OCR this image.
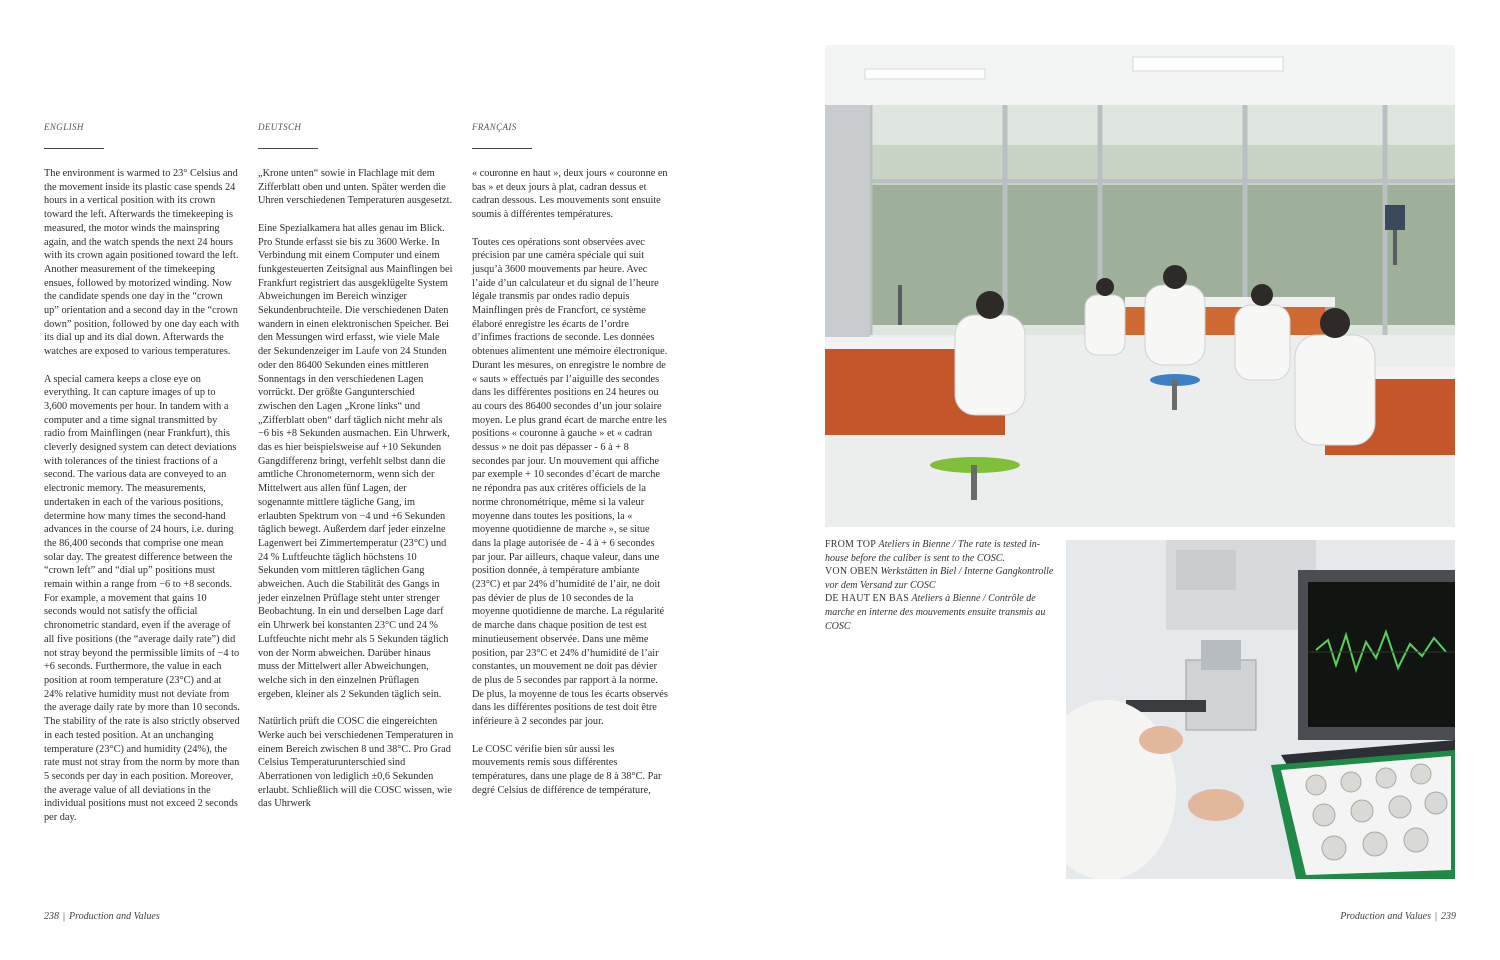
ENGLISH

The environment is warmed to 23° Celsius and the movement inside its plastic case spends 24 hours in a vertical position with its crown toward the left. Afterwards the timekeeping is measured, the motor winds the mainspring again, and the watch spends the next 24 hours with its crown again positioned toward the left. Another measurement of the timekeeping ensues, followed by motorized winding. Now the candidate spends one day in the “crown up” orientation and a second day in the “crown down” position, followed by one day each with its dial up and its dial down. Afterwards the watches are exposed to various temperatures.

A special camera keeps a close eye on everything. It can capture images of up to 3,600 movements per hour. In tandem with a computer and a time signal transmitted by radio from Mainflingen (near Frankfurt), this cleverly designed system can detect deviations with tolerances of the tiniest fractions of a second. The various data are conveyed to an electronic memory. The measurements, undertaken in each of the various positions, determine how many times the second-hand advances in the course of 24 hours, i.e. during the 86,400 seconds that comprise one mean solar day. The greatest difference between the “crown left” and “dial up” positions must remain within a range from −6 to +8 seconds. For example, a movement that gains 10 seconds would not satisfy the official chronometric standard, even if the average of all five positions (the “average daily rate”) did not stray beyond the permissible limits of −4 to +6 seconds. Furthermore, the value in each position at room temperature (23°C) and at 24% relative humidity must not deviate from the average daily rate by more than 10 seconds. The stability of the rate is also strictly observed in each tested position. At an unchanging temperature (23°C) and humidity (24%), the rate must not stray from the norm by more than 5 seconds per day in each position. Moreover, the average value of all deviations in the individual positions must not exceed 2 seconds per day.

DEUTSCH

„Krone unten“ sowie in Flachlage mit dem Zifferblatt oben und unten. Später werden die Uhren verschiedenen Temperaturen ausgesetzt.

Eine Spezialkamera hat alles genau im Blick. Pro Stunde erfasst sie bis zu 3600 Werke. In Verbindung mit einem Computer und einem funkgesteuerten Zeitsignal aus Mainflingen bei Frankfurt registriert das ausgeklügelte System Abweichungen im Bereich winziger Sekundenbruchteile. Die verschiedenen Daten wandern in einen elektronischen Speicher. Bei den Messungen wird erfasst, wie viele Male der Sekundenzeiger im Laufe von 24 Stunden oder den 86400 Sekunden eines mittleren Sonnentags in den verschiedenen Lagen vorrückt. Der größte Gangunterschied zwischen den Lagen „Krone links“ und „Zifferblatt oben“ darf täglich nicht mehr als −6 bis +8 Sekunden ausmachen. Ein Uhrwerk, das es hier beispielsweise auf +10 Sekunden Gangdifferenz bringt, verfehlt selbst dann die amtliche Chronometernorm, wenn sich der Mittelwert aus allen fünf Lagen, der sogenannte mittlere tägliche Gang, im erlaubten Spektrum von −4 und +6 Sekunden täglich bewegt. Außerdem darf jeder einzelne Lagenwert bei Zimmertemperatur (23°C) und 24 % Luftfeuchte täglich höchstens 10 Sekunden vom mittleren täglichen Gang abweichen. Auch die Stabilität des Gangs in jeder einzelnen Prüflage steht unter strenger Beobachtung. In ein und derselben Lage darf ein Uhrwerk bei konstanten 23°C und 24 % Luftfeuchte nicht mehr als 5 Sekunden täglich von der Norm abweichen. Darüber hinaus muss der Mittelwert aller Abweichungen, welche sich in den einzelnen Prüflagen ergeben, kleiner als 2 Sekunden täglich sein.

Natürlich prüft die COSC die eingereichten Werke auch bei verschiedenen Temperaturen in einem Bereich zwischen 8 und 38°C. Pro Grad Celsius Temperaturunterschied sind Aberrationen von lediglich ±0,6 Sekunden erlaubt. Schließlich will die COSC wissen, wie das Uhrwerk

FRANÇAIS

« couronne en haut », deux jours « couronne en bas » et deux jours à plat, cadran dessus et cadran dessous. Les mouvements sont ensuite soumis à différentes températures.

Toutes ces opérations sont observées avec précision par une caméra spéciale qui suit jusqu’à 3600 mouvements par heure. Avec l’aide d’un calculateur et du signal de l’heure légale transmis par ondes radio depuis Mainflingen près de Francfort, ce système élaboré enregistre les écarts de l’ordre d’infimes fractions de seconde. Les données obtenues alimentent une mémoire électronique. Durant les mesures, on enregistre le nombre de « sauts » effectués par l’aiguille des secondes dans les différentes positions en 24 heures ou au cours des 86400 secondes d’un jour solaire moyen. Le plus grand écart de marche entre les positions « couronne à gauche » et « cadran dessus » ne doit pas dépasser - 6 à + 8 secondes par jour. Un mouvement qui affiche par exemple + 10 secondes d’écart de marche ne répondra pas aux critères officiels de la norme chronométrique, même si la valeur moyenne dans toutes les positions, la « moyenne quotidienne de marche », se situe dans la plage autorisée de - 4 à + 6 secondes par jour. Par ailleurs, chaque valeur, dans une position donnée, à température ambiante (23°C) et par 24% d’humidité de l’air, ne doit pas dévier de plus de 10 secondes de la moyenne quotidienne de marche. La régularité de marche dans chaque position de test est minutieusement observée. Dans une même position, par 23°C et 24% d’humidité de l’air constantes, un mouvement ne doit pas dévier de plus de 5 secondes par rapport à la norme. De plus, la moyenne de tous les écarts observés dans les différentes positions de test doit être inférieure à 2 secondes par jour.

Le COSC vérifie bien sûr aussi les mouvements remis sous différentes températures, dans une plage de 8 à 38°C. Par degré Celsius de différence de température,

FROM TOP Ateliers in Bienne / The rate is tested in-house before the caliber is sent to the COSC.
VON OBEN Werkstätten in Biel / Interne Gangkontrolle vor dem Versand zur COSC
DE HAUT EN BAS Ateliers à Bienne / Contrôle de marche en interne des mouvements ensuite transmis au COSC
238 | Production and Values	Production and Values | 239
